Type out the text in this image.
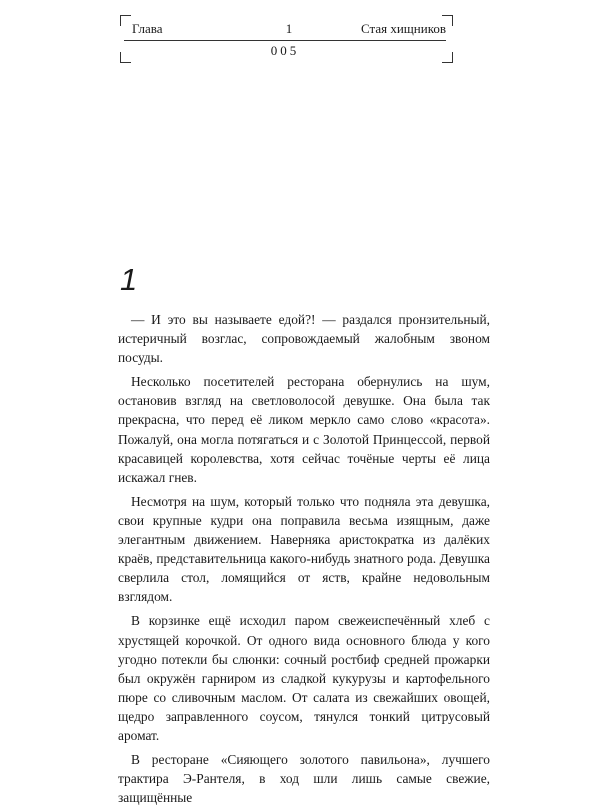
Глава	1	Стая хищников
005
1

— И это вы называете едой?! — раздался пронзительный, истеричный возглас, сопровождаемый жалобным звоном посуды.

Несколько посетителей ресторана обернулись на шум, остановив взгляд на светловолосой девушке. Она была так прекрасна, что перед её ликом меркло само слово «красота». Пожалуй, она могла потягаться и с Золотой Принцессой, первой красавицей королевства, хотя сейчас точёные черты её лица искажал гнев.

Несмотря на шум, который только что подняла эта девушка, свои крупные кудри она поправила весьма изящным, даже элегантным движением. Наверняка аристократка из далёких краёв, представительница какого-нибудь знатного рода. Девушка сверлила стол, ломящийся от яств, крайне недовольным взглядом.

В корзинке ещё исходил паром свежеиспечённый хлеб с хрустящей корочкой. От одного вида основного блюда у кого угодно потекли бы слюнки: сочный ростбиф средней прожарки был окружён гарниром из сладкой кукурузы и картофельного пюре со сливочным маслом. От салата из свежайших овощей, щедро заправленного соусом, тянулся тонкий цитрусовый аромат.

В ресторане «Сияющего золотого павильона», лучшего трактира Э-Рантеля, в ход шли лишь самые свежие, защищённые
